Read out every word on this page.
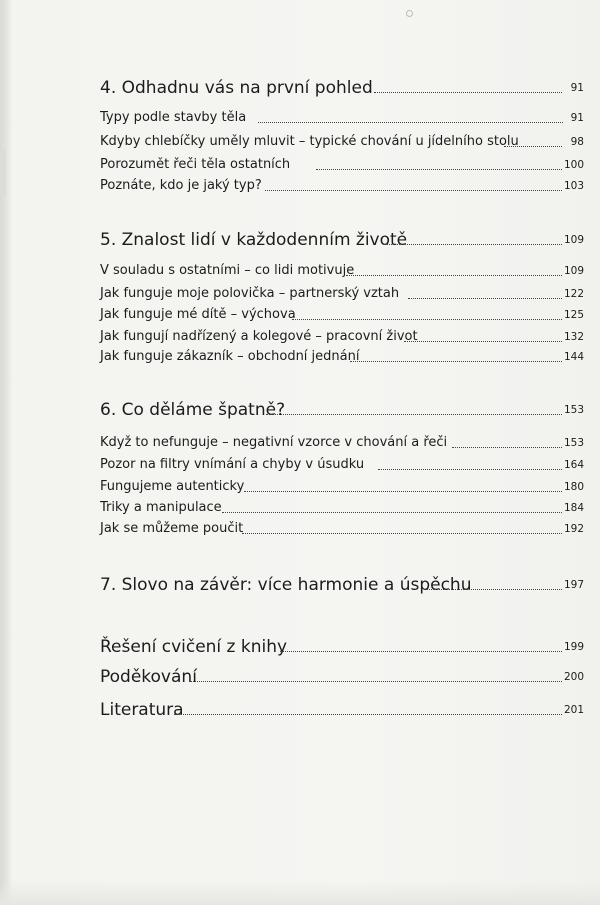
4. Odhadnu vás na první pohled	91
Typy podle stavby těla	91
Kdyby chlebíčky uměly mluvit – typické chování u jídelního stolu	98
Porozumět řeči těla ostatních	100
Poznáte, kdo je jaký typ?	103
5. Znalost lidí v každodenním životě	109
V souladu s ostatními – co lidi motivuje	109
Jak funguje moje polovička – partnerský vztah	122
Jak funguje mé dítě – výchova	125
Jak fungují nadřízený a kolegové – pracovní život	132
Jak funguje zákazník – obchodní jednání	144
6. Co děláme špatně?	153
Když to nefunguje – negativní vzorce v chování a řeči	153
Pozor na filtry vnímání a chyby v úsudku	164
Fungujeme autenticky	180
Triky a manipulace	184
Jak se můžeme poučit	192
7. Slovo na závěr: více harmonie a úspěchu	197
Řešení cvičení z knihy	199
Poděkování	200
Literatura	201
